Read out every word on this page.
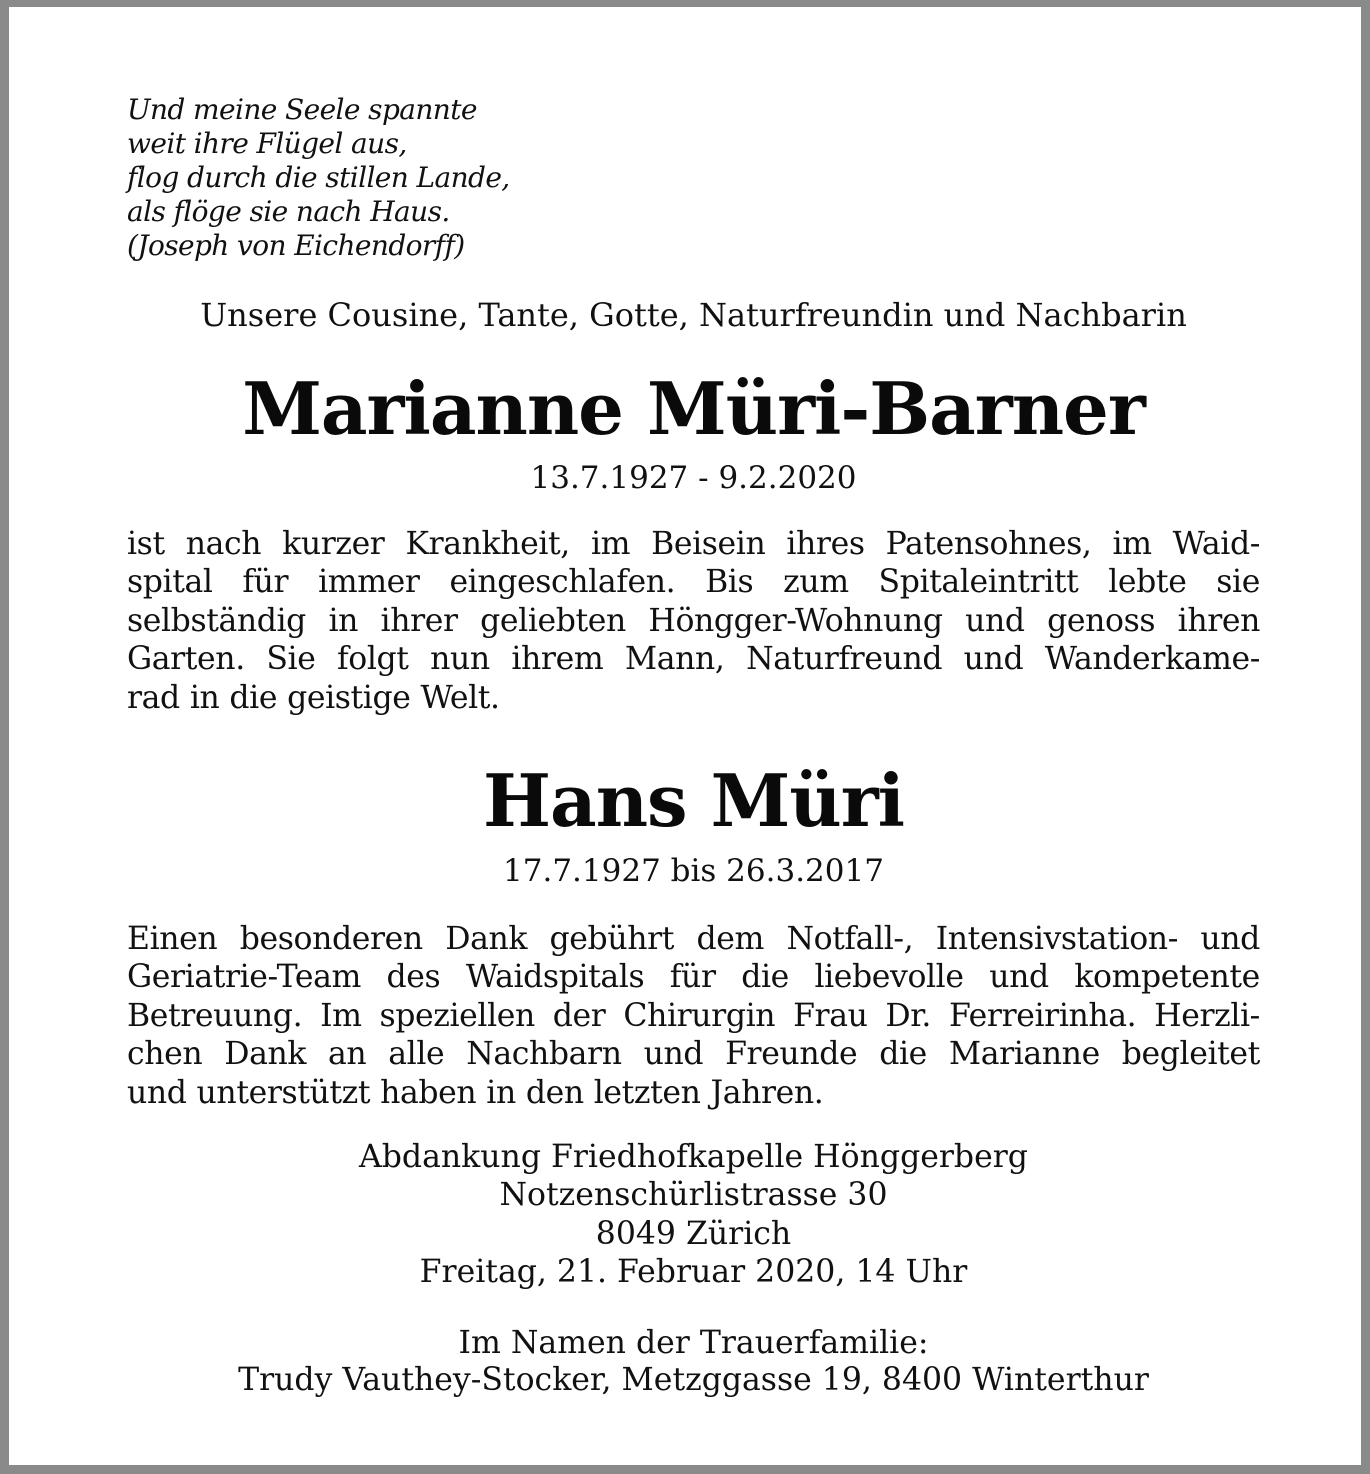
Und meine Seele spannte
weit ihre Flügel aus,
flog durch die stillen Lande,
als flöge sie nach Haus.
(Joseph von Eichendorff)
Unsere Cousine, Tante, Gotte, Naturfreundin und Nachbarin
Marianne Müri-Barner
13.7.1927 - 9.2.2020
ist nach kurzer Krankheit, im Beisein ihres Patensohnes, im Waid-
spital für immer eingeschlafen. Bis zum Spitaleintritt lebte sie
selbständig in ihrer geliebten Höngger-Wohnung und genoss ihren
Garten. Sie folgt nun ihrem Mann, Naturfreund und Wanderkame-
rad in die geistige Welt.
Hans Müri
17.7.1927 bis 26.3.2017
Einen besonderen Dank gebührt dem Notfall-, Intensivstation- und
Geriatrie-Team des Waidspitals für die liebevolle und kompetente
Betreuung. Im speziellen der Chirurgin Frau Dr. Ferreirinha. Herzli-
chen Dank an alle Nachbarn und Freunde die Marianne begleitet
und unterstützt haben in den letzten Jahren.
Abdankung Friedhofkapelle Hönggerberg
Notzenschürlistrasse 30
8049 Zürich
Freitag, 21. Februar 2020, 14 Uhr
Im Namen der Trauerfamilie:
Trudy Vauthey-Stocker, Metzggasse 19, 8400 Winterthur
